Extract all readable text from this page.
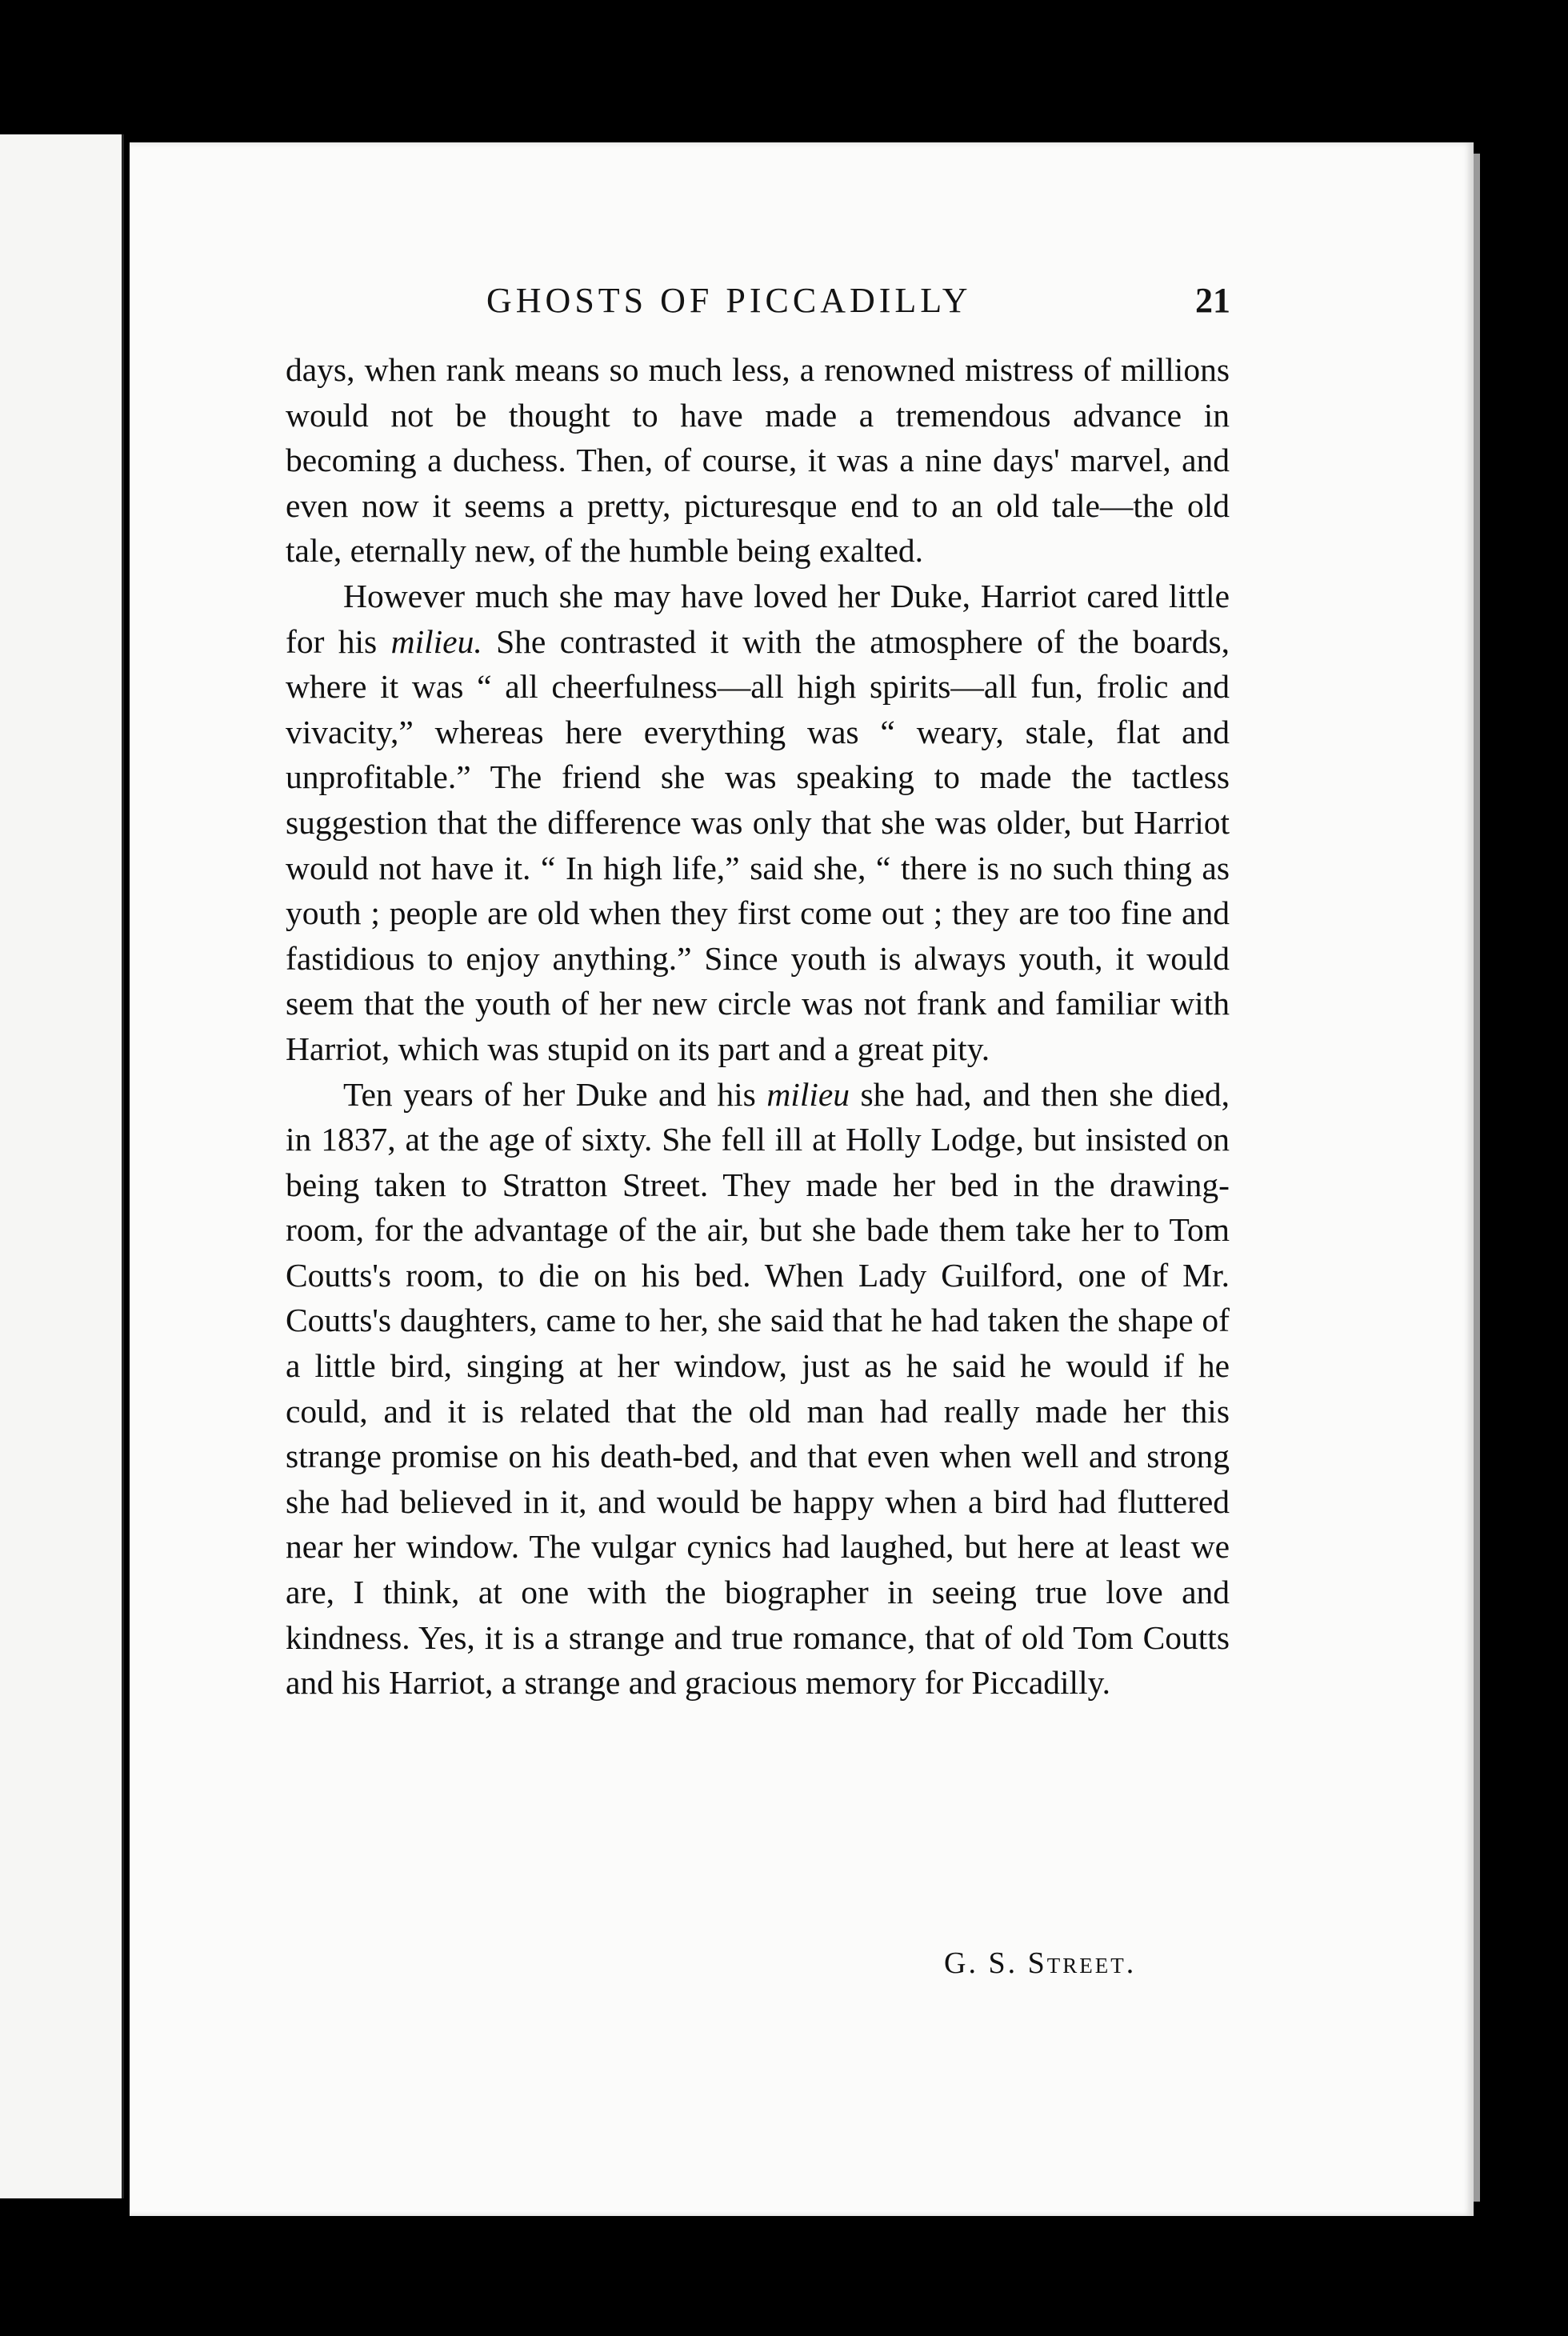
GHOSTS OF PICCADILLY	21

days, when rank means so much less, a renowned mistress of millions would not be thought to have made a tremendous advance in becoming a duchess. Then, of course, it was a nine days' marvel, and even now it seems a pretty, picturesque end to an old tale—the old tale, eternally new, of the humble being exalted.

However much she may have loved her Duke, Harriot cared little for his milieu. She contrasted it with the atmosphere of the boards, where it was “ all cheerfulness—all high spirits—all fun, frolic and vivacity,” whereas here everything was “ weary, stale, flat and unprofitable.” The friend she was speaking to made the tactless suggestion that the difference was only that she was older, but Harriot would not have it. “ In high life,” said she, “ there is no such thing as youth ; people are old when they first come out ; they are too fine and fastidious to enjoy anything.” Since youth is always youth, it would seem that the youth of her new circle was not frank and familiar with Harriot, which was stupid on its part and a great pity.

Ten years of her Duke and his milieu she had, and then she died, in 1837, at the age of sixty. She fell ill at Holly Lodge, but insisted on being taken to Stratton Street. They made her bed in the drawing-room, for the advantage of the air, but she bade them take her to Tom Coutts's room, to die on his bed. When Lady Guilford, one of Mr. Coutts's daughters, came to her, she said that he had taken the shape of a little bird, singing at her window, just as he said he would if he could, and it is related that the old man had really made her this strange promise on his death-bed, and that even when well and strong she had believed in it, and would be happy when a bird had fluttered near her window. The vulgar cynics had laughed, but here at least we are, I think, at one with the biographer in seeing true love and kindness. Yes, it is a strange and true romance, that of old Tom Coutts and his Harriot, a strange and gracious memory for Piccadilly.

G. S. Street.
